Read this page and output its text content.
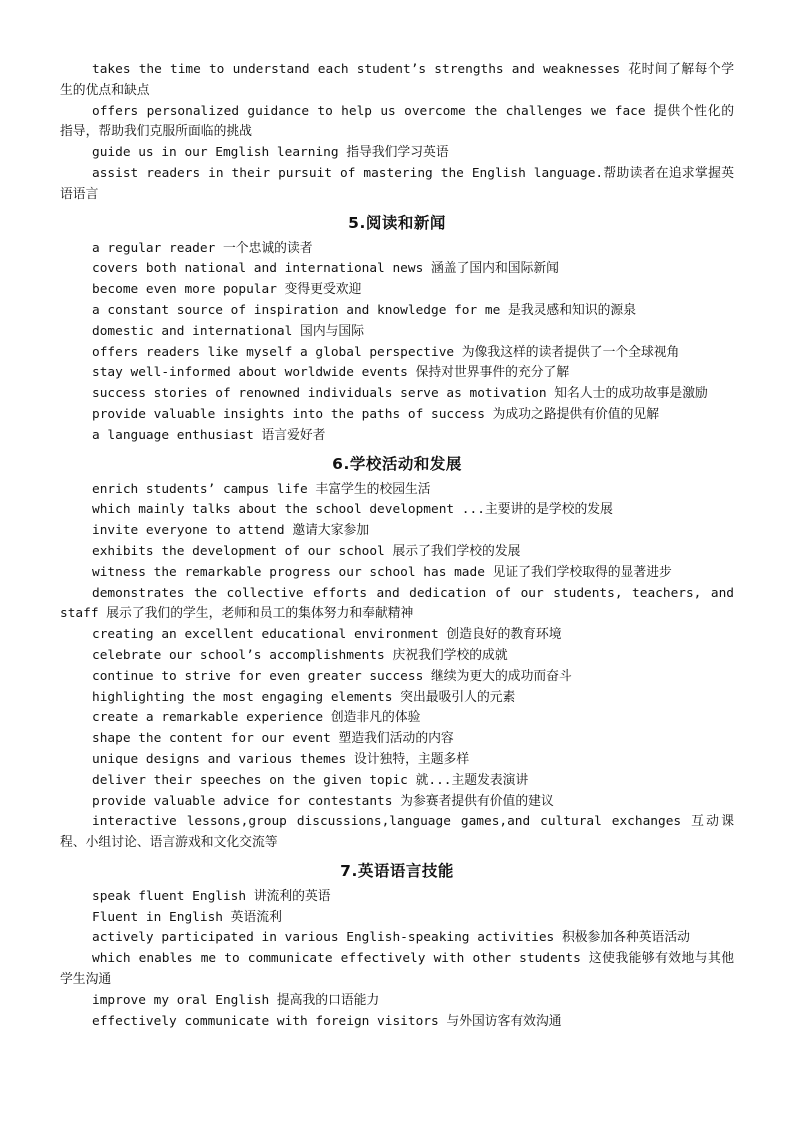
takes the time to understand each student’s strengths and weaknesses 花时间了解每个学生的优点和缺点

offers personalized guidance to help us overcome the challenges we face 提供个性化的指导，帮助我们克服所面临的挑战

guide us in our Emglish learning 指导我们学习英语

assist readers in their pursuit of mastering the English language.帮助读者在追求掌握英语语言

5.阅读和新闻

a regular reader 一个忠诚的读者

covers both national and international news 涵盖了国内和国际新闻

become even more popular 变得更受欢迎

a constant source of inspiration and knowledge for me 是我灵感和知识的源泉

domestic and international 国内与国际

offers readers like myself a global perspective 为像我这样的读者提供了一个全球视角

stay well-informed about worldwide events 保持对世界事件的充分了解

success stories of renowned individuals serve as motivation 知名人士的成功故事是激励

provide valuable insights into the paths of success 为成功之路提供有价值的见解

a language enthusiast 语言爱好者

6.学校活动和发展

enrich students’ campus life 丰富学生的校园生活

which mainly talks about the school development ...主要讲的是学校的发展

invite everyone to attend 邀请大家参加

exhibits the development of our school 展示了我们学校的发展

witness the remarkable progress our school has made 见证了我们学校取得的显著进步

demonstrates the collective efforts and dedication of our students, teachers, and staff 展示了我们的学生，老师和员工的集体努力和奉献精神

creating an excellent educational environment 创造良好的教育环境

celebrate our school’s accomplishments 庆祝我们学校的成就

continue to strive for even greater success 继续为更大的成功而奋斗

highlighting the most engaging elements 突出最吸引人的元素

create a remarkable experience 创造非凡的体验

shape the content for our event 塑造我们活动的内容

unique designs and various themes 设计独特，主题多样

deliver their speeches on the given topic 就...主题发表演讲

provide valuable advice for contestants 为参赛者提供有价值的建议

interactive lessons,group discussions,language games,and cultural exchanges 互动课程、小组讨论、语言游戏和文化交流等

7.英语语言技能

speak fluent English 讲流利的英语

Fluent in English 英语流利

actively participated in various English-speaking activities 积极参加各种英语活动

which enables me to communicate effectively with other students 这使我能够有效地与其他学生沟通

improve my oral English 提高我的口语能力

effectively communicate with foreign visitors 与外国访客有效沟通
